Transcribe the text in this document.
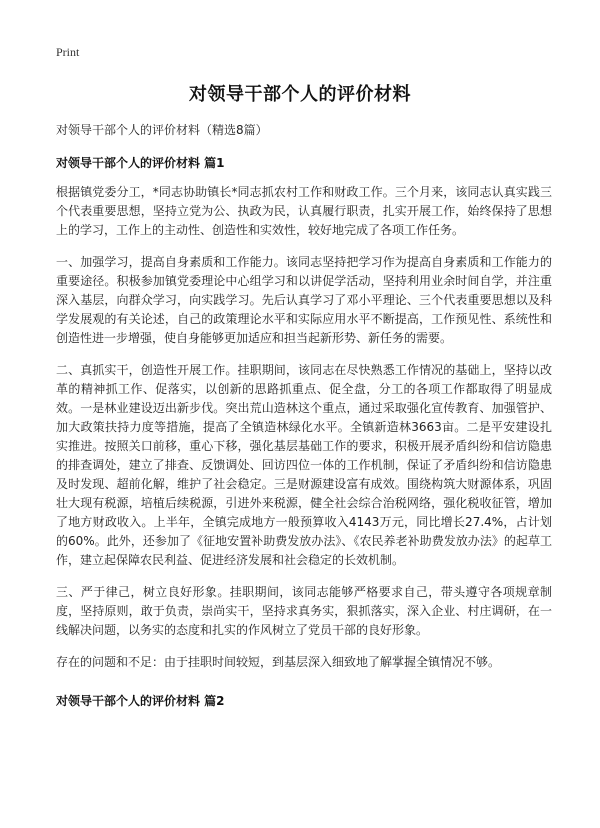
Print

对领导干部个人的评价材料

对领导干部个人的评价材料（精选8篇）

对领导干部个人的评价材料 篇1

根据镇党委分工，*同志协助镇长*同志抓农村工作和财政工作。三个月来，该同志认真实践三个代表重要思想，坚持立党为公、执政为民，认真履行职责，扎实开展工作，始终保持了思想上的学习，工作上的主动性、创造性和实效性，较好地完成了各项工作任务。

一、加强学习，提高自身素质和工作能力。该同志坚持把学习作为提高自身素质和工作能力的重要途径。积极参加镇党委理论中心组学习和以讲促学活动，坚持利用业余时间自学，并注重深入基层，向群众学习，向实践学习。先后认真学习了邓小平理论、三个代表重要思想以及科学发展观的有关论述，自己的政策理论水平和实际应用水平不断提高，工作预见性、系统性和创造性进一步增强，使自身能够更加适应和担当起新形势、新任务的需要。

二、真抓实干，创造性开展工作。挂职期间，该同志在尽快熟悉工作情况的基础上，坚持以改革的精神抓工作、促落实，以创新的思路抓重点、促全盘，分工的各项工作都取得了明显成效。一是林业建设迈出新步伐。突出荒山造林这个重点，通过采取强化宣传教育、加强管护、加大政策扶持力度等措施，提高了全镇造林绿化水平。全镇新造林3663亩。二是平安建设扎实推进。按照关口前移，重心下移，强化基层基础工作的要求，积极开展矛盾纠纷和信访隐患的排查调处，建立了排查、反馈调处、回访四位一体的工作机制，保证了矛盾纠纷和信访隐患及时发现、超前化解，维护了社会稳定。三是财源建设富有成效。围绕构筑大财源体系，巩固壮大现有税源，培植后续税源，引进外来税源，健全社会综合治税网络，强化税收征管，增加了地方财政收入。上半年，全镇完成地方一般预算收入4143万元，同比增长27.4%，占计划的60%。此外，还参加了《征地安置补助费发放办法》、《农民养老补助费发放办法》的起草工作，建立起保障农民利益、促进经济发展和社会稳定的长效机制。

三、严于律己，树立良好形象。挂职期间，该同志能够严格要求自己，带头遵守各项规章制度，坚持原则，敢于负责，崇尚实干，坚持求真务实，狠抓落实，深入企业、村庄调研，在一线解决问题，以务实的态度和扎实的作风树立了党员干部的良好形象。

存在的问题和不足：由于挂职时间较短，到基层深入细致地了解掌握全镇情况不够。

对领导干部个人的评价材料 篇2
